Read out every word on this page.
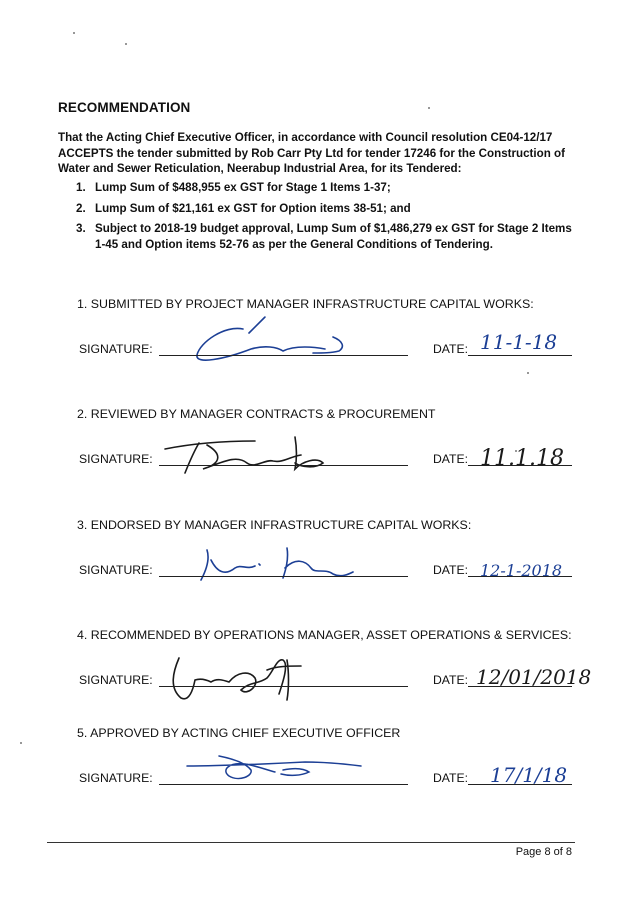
RECOMMENDATION
That the Acting Chief Executive Officer, in accordance with Council resolution CE04-12/17 ACCEPTS the tender submitted by Rob Carr Pty Ltd for tender 17246 for the Construction of Water and Sewer Reticulation, Neerabup Industrial Area, for its Tendered:
1. Lump Sum of $488,955 ex GST for Stage 1 Items 1-37;
2. Lump Sum of $21,161 ex GST for Option items 38-51; and
3. Subject to 2018-19 budget approval, Lump Sum of $1,486,279 ex GST for Stage 2 Items 1-45 and Option items 52-76 as per the General Conditions of Tendering.
1. SUBMITTED BY PROJECT MANAGER INFRASTRUCTURE CAPITAL WORKS:
SIGNATURE:	DATE: 11-1-18
2. REVIEWED BY MANAGER CONTRACTS & PROCUREMENT
SIGNATURE:	DATE: 11.1.18
3. ENDORSED BY MANAGER INFRASTRUCTURE CAPITAL WORKS:
SIGNATURE:	DATE: 12-1-2018
4. RECOMMENDED BY OPERATIONS MANAGER, ASSET OPERATIONS & SERVICES:
SIGNATURE:	DATE: 12/01/2018
5. APPROVED BY ACTING CHIEF EXECUTIVE OFFICER
SIGNATURE:	DATE: 17/1/18
Page 8 of 8
